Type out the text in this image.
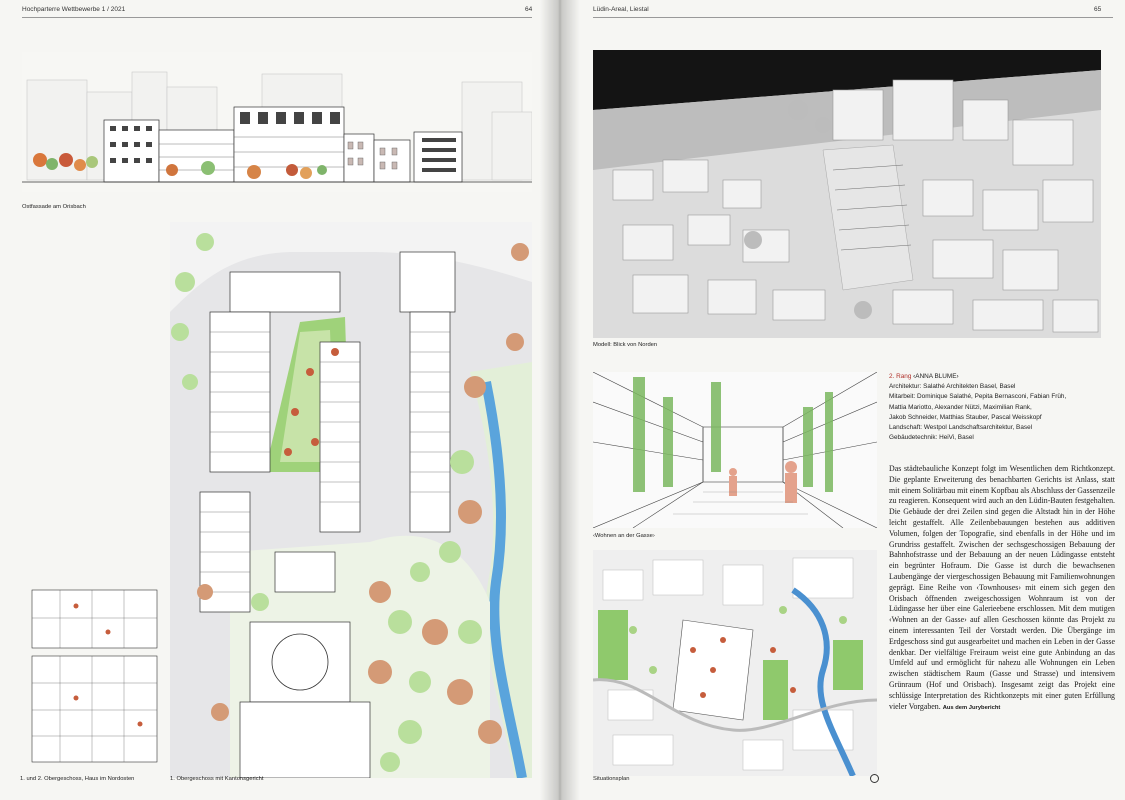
Hochparterre Wettbewerbe 1 / 2021	64
Ostfassade am Orisbach
1. Obergeschoss mit Kantonsgericht
1. und 2. Obergeschoss, Haus im Nordosten
Lüdin-Areal, Liestal	65
Modell: Blick von Norden
‹Wohnen an der Gasse›
Situationsplan
2. Rang ‹ANNA BLUME›
Architektur: Salathé Architekten Basel, Basel
Mitarbeit: Dominique Salathé, Pepita Bernasconi, Fabian Früh,
Mattia Mariotto, Alexander Nützi, Maximilian Rank,
Jakob Schneider, Matthias Stauber, Pascal Weisskopf
Landschaft: Westpol Landschaftsarchitektur, Basel
Gebäudetechnik: HeiVi, Basel

Das städtebauliche Konzept folgt im Wesentlichen dem Richtkonzept. Die geplante Erweiterung des benachbarten Gerichts ist Anlass, statt mit einem Solitärbau mit einem Kopfbau als Abschluss der Gassenzeile zu reagieren. Konsequent wird auch an den Lüdin-Bauten festgehalten. Die Gebäude der drei Zeilen sind gegen die Altstadt hin in der Höhe leicht gestaffelt. Alle Zeilenbebauungen bestehen aus additiven Volumen, folgen der Topografie, sind ebenfalls in der Höhe und im Grundriss gestaffelt. Zwischen der sechsgeschossigen Bebauung der Bahnhofstrasse und der Bebauung an der neuen Lüdingasse entsteht ein begrünter Hofraum. Die Gasse ist durch die bewachsenen Laubengänge der viergeschossigen Bebauung mit Familienwohnungen geprägt. Eine Reihe von ‹Townhouses› mit einem sich gegen den Orisbach öffnenden zweigeschossigen Wohnraum ist von der Lüdingasse her über eine Galerieebene erschlossen. Mit dem mutigen ‹Wohnen an der Gasse› auf allen Geschossen könnte das Projekt zu einem interessanten Teil der Vorstadt werden. Die Übergänge im Erdgeschoss sind gut ausgearbeitet und machen ein Leben in der Gasse denkbar. Der vielfältige Freiraum weist eine gute Anbindung an das Umfeld auf und ermöglicht für nahezu alle Wohnungen ein Leben zwischen städtischem Raum (Gasse und Strasse) und intensivem Grünraum (Hof und Orisbach). Insgesamt zeigt das Projekt eine schlüssige Interpretation des Richtkonzepts mit einer guten Erfüllung vieler Vorgaben. Aus dem Jurybericht
